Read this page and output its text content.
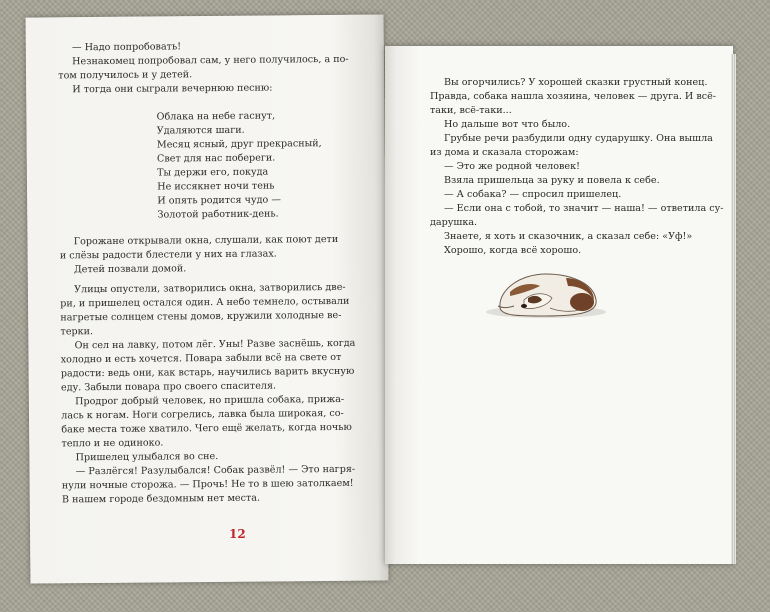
— Надо попробовать!

Незнакомец попробовал сам, у него получилось, а по-

том получилось и у детей.

И тогда они сыграли вечернюю песню:

Облака на небе гаснут,
Удаляются шаги.
Месяц ясный, друг прекрасный,
Свет для нас побереги.
Ты держи его, покуда
Не иссякнет ночи тень
И опять родится чудо —
Золотой работник-день.

Горожане открывали окна, слушали, как поют дети

и слёзы радости блестели у них на глазах.

Детей позвали домой.

Улицы опустели, затворились окна, затворились две-

ри, и пришелец остался один. А небо темнело, остывали

нагретые солнцем стены домов, кружили холодные ве-

терки.

Он сел на лавку, потом лёг. Уны! Разве заснёшь, когда

холодно и есть хочется. Повара забыли всё на свете от

радости: ведь они, как встарь, научились варить вкусную

еду. Забыли повара про своего спасителя.

Продрог добрый человек, но пришла собака, прижа-

лась к ногам. Ноги согрелись, лавка была широкая, со-

баке места тоже хватило. Чего ещё желать, когда ночью

тепло и не одиноко.

Пришелец улыбался во сне.

— Разлёгся! Разулыбался! Собак развёл! — Это нагря-

нули ночные сторожа. — Прочь! Не то в шею затолкаем!

В нашем городе бездомным нет места.

12

Вы огорчились? У хорошей сказки грустный конец.

Правда, собака нашла хозяина, человек — друга. И всё-

таки, всё-таки...

Но дальше вот что было.

Грубые речи разбудили одну сударушку. Она вышла

из дома и сказала сторожам:

— Это же родной человек!

Взяла пришельца за руку и повела к себе.

— А собака? — спросил пришелец.

— Если она с тобой, то значит — наша! — ответила су-

дарушка.

Знаете, я хоть и сказочник, а сказал себе: «Уф!»

Хорошо, когда всё хорошо.
